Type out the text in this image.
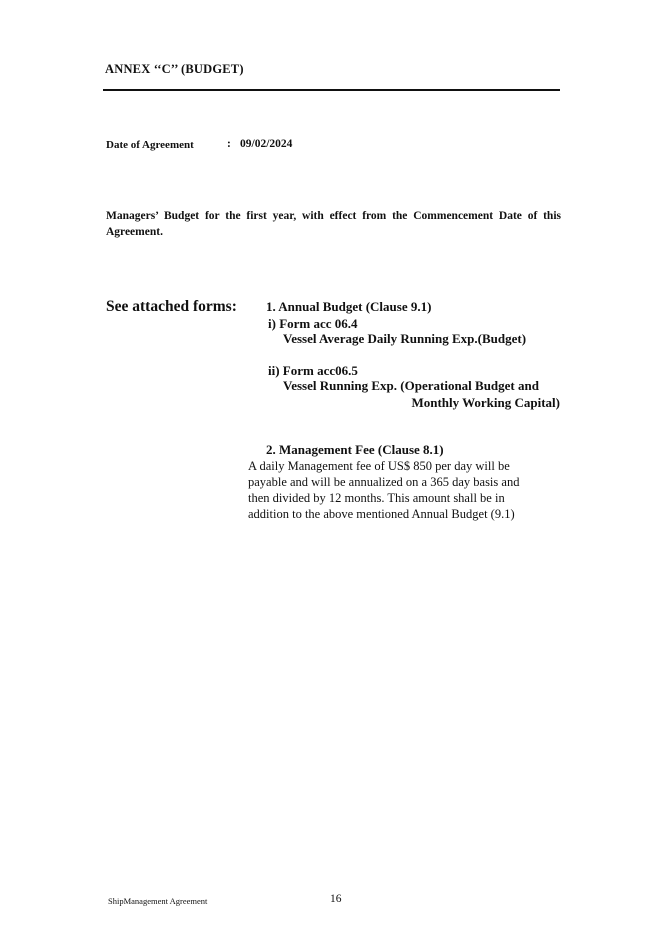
ANNEX ‘‘C’’ (BUDGET)
Date of Agreement	: 09/02/2024
Managers’ Budget for the first year, with effect from the Commencement Date of this Agreement.
See attached forms: 1. Annual Budget (Clause 9.1)
i) Form acc 06.4
Vessel Average Daily Running Exp.(Budget)
ii) Form acc06.5
Vessel Running Exp. (Operational Budget and
Monthly Working Capital)
2. Management Fee (Clause 8.1)
A daily Management fee of US$ 850 per day will be payable and will be annualized on a 365 day basis and then divided by 12 months. This amount shall be in addition to the above mentioned Annual Budget (9.1)
ShipManagement Agreement	16
